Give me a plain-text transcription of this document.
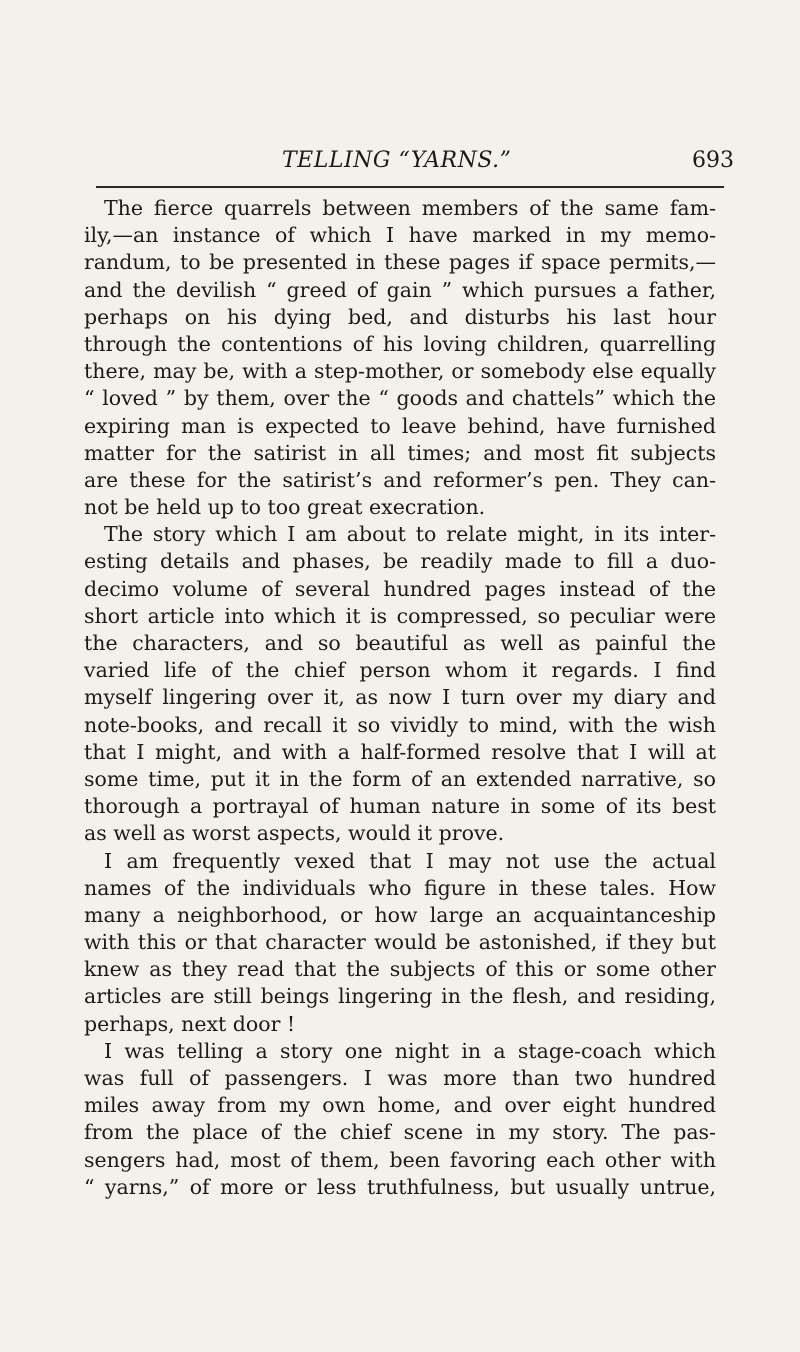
TELLING “YARNS.”	693
The fierce quarrels between members of the same fam-
ily,—an instance of which I have marked in my memo-
randum, to be presented in these pages if space permits,—
and the devilish “ greed of gain ” which pursues a father,
perhaps on his dying bed, and disturbs his last hour
through the contentions of his loving children, quarrelling
there, may be, with a step-mother, or somebody else equally
“ loved ” by them, over the “ goods and chattels” which the
expiring man is expected to leave behind, have furnished
matter for the satirist in all times; and most fit subjects
are these for the satirist’s and reformer’s pen. They can-
not be held up to too great execration.
The story which I am about to relate might, in its inter-
esting details and phases, be readily made to fill a duo-
decimo volume of several hundred pages instead of the
short article into which it is compressed, so peculiar were
the characters, and so beautiful as well as painful the
varied life of the chief person whom it regards. I find
myself lingering over it, as now I turn over my diary and
note-books, and recall it so vividly to mind, with the wish
that I might, and with a half-formed resolve that I will at
some time, put it in the form of an extended narrative, so
thorough a portrayal of human nature in some of its best
as well as worst aspects, would it prove.
I am frequently vexed that I may not use the actual
names of the individuals who figure in these tales. How
many a neighborhood, or how large an acquaintanceship
with this or that character would be astonished, if they but
knew as they read that the subjects of this or some other
articles are still beings lingering in the flesh, and residing,
perhaps, next door !
I was telling a story one night in a stage-coach which
was full of passengers. I was more than two hundred
miles away from my own home, and over eight hundred
from the place of the chief scene in my story. The pas-
sengers had, most of them, been favoring each other with
“ yarns,” of more or less truthfulness, but usually untrue,
